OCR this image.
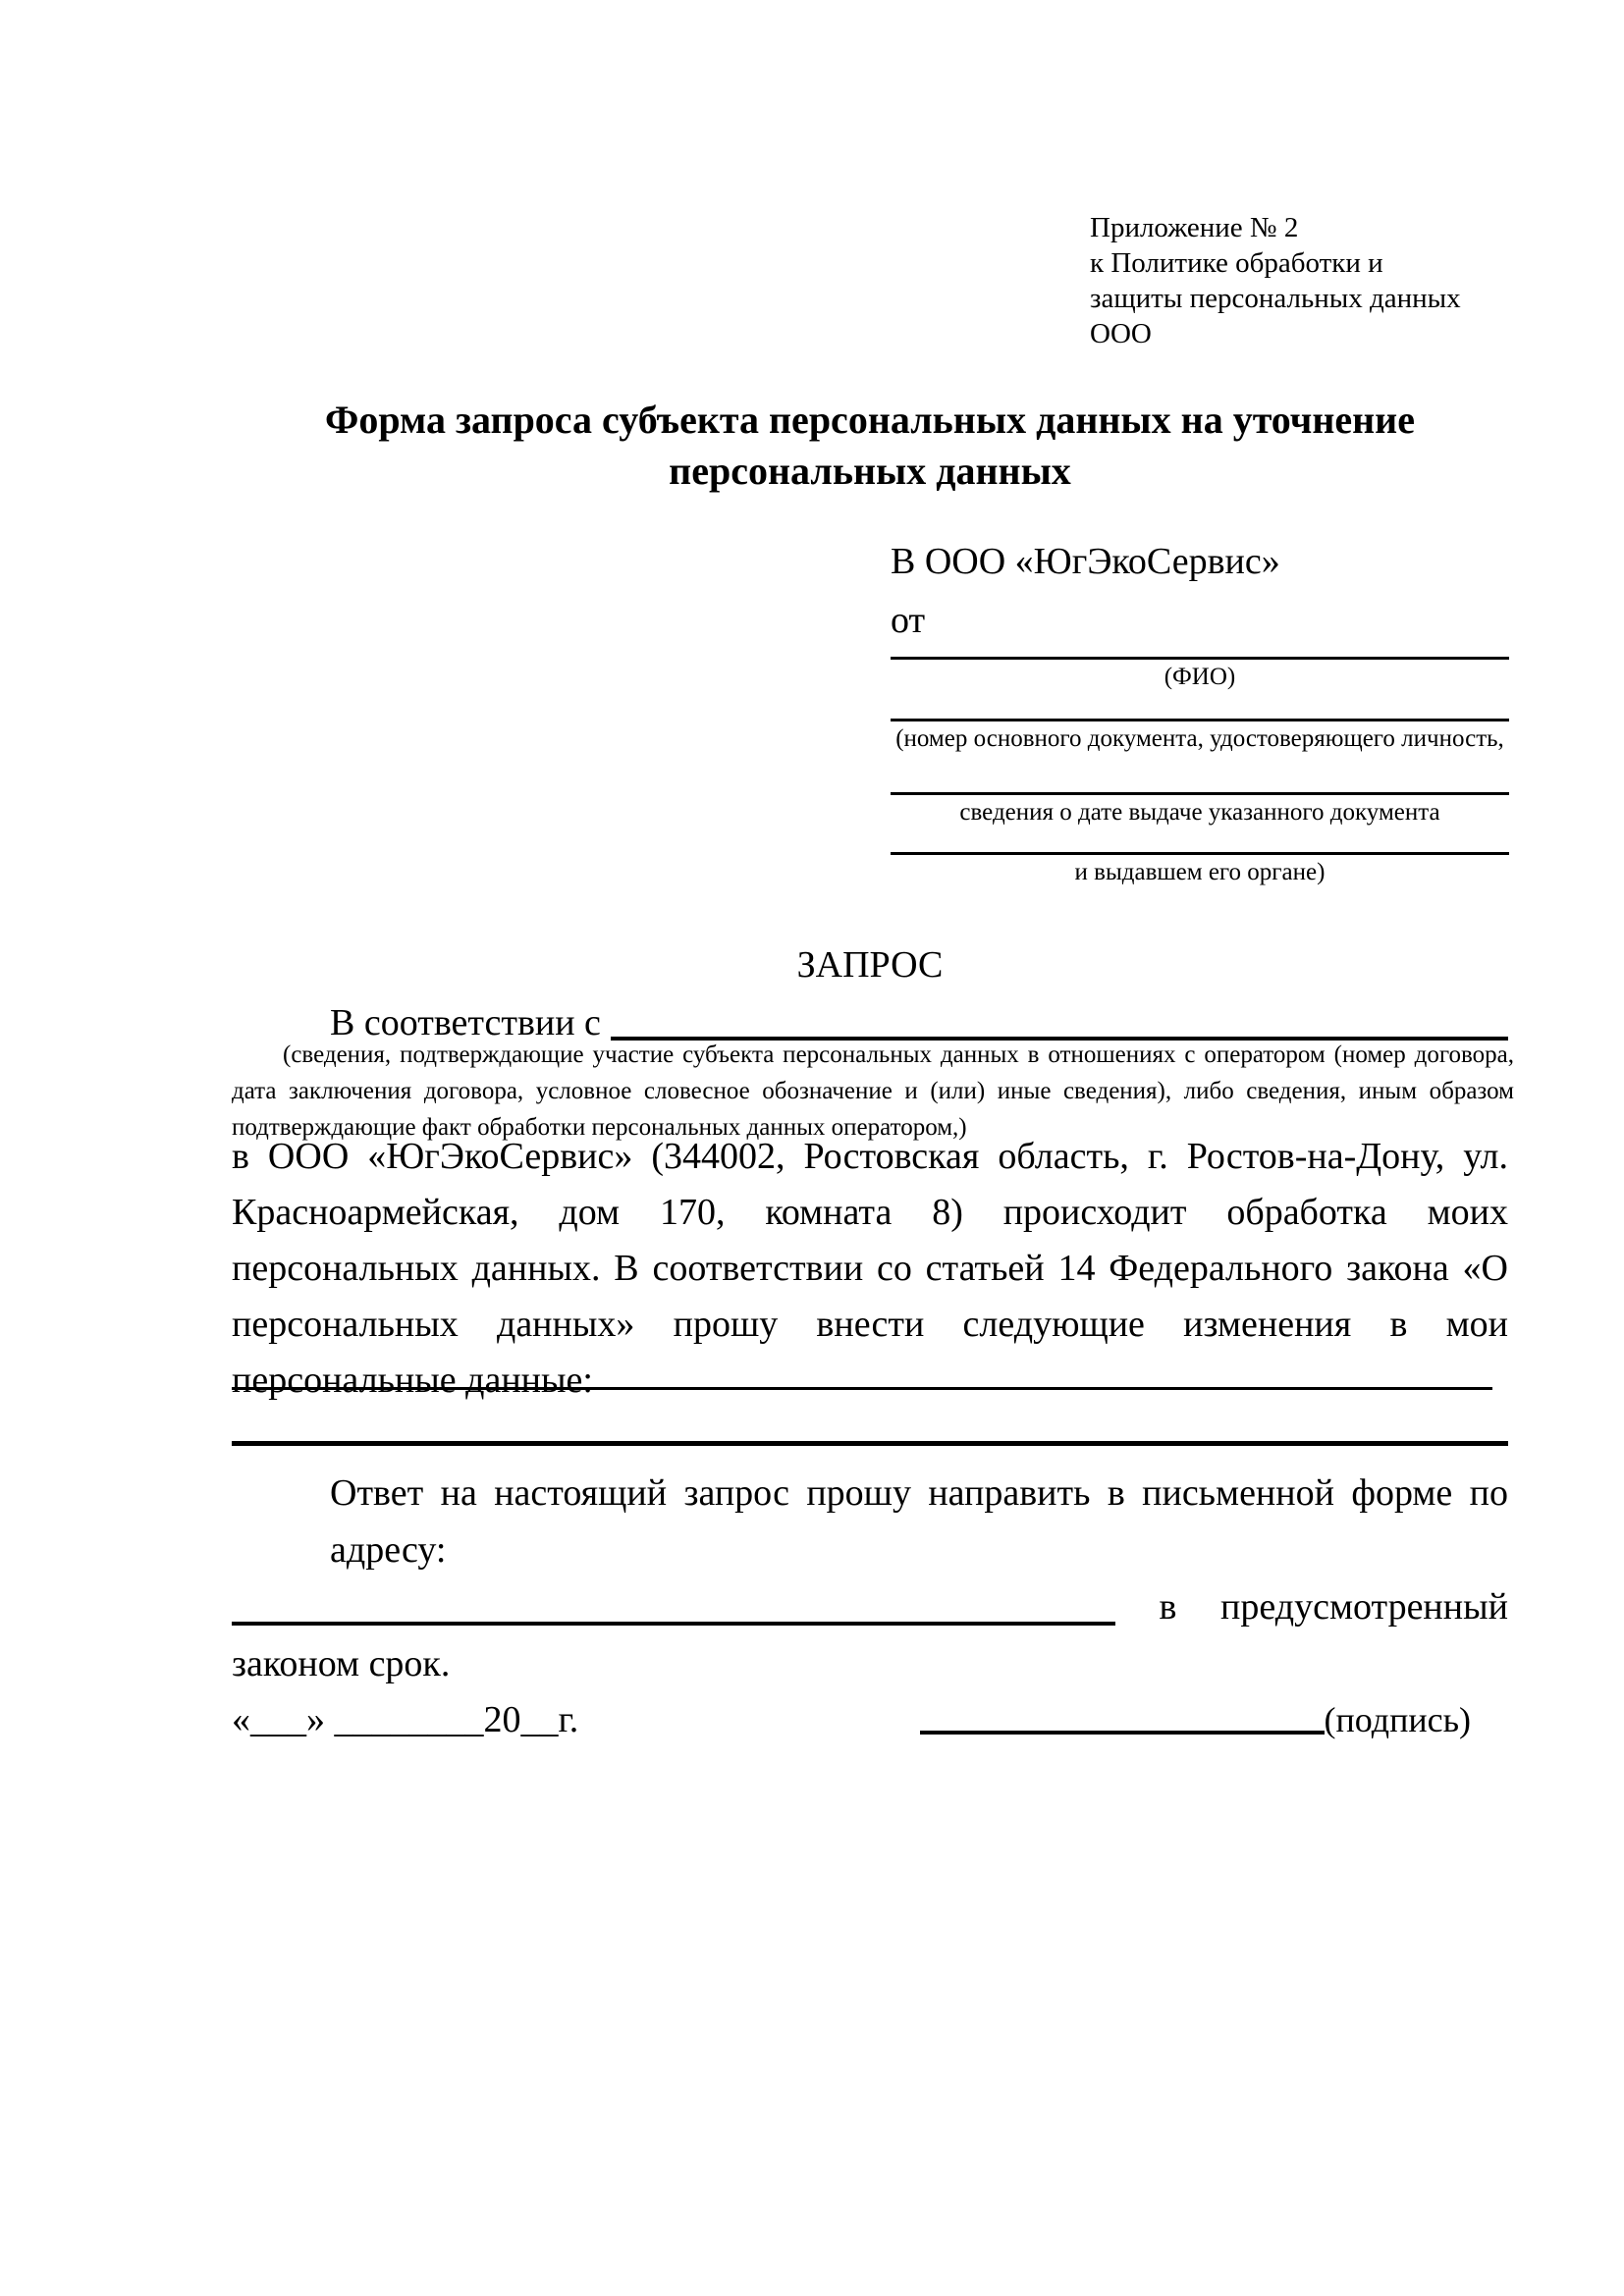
Приложение № 2
к Политике обработки и
защиты персональных данных
ООО
Форма запроса субъекта персональных данных на уточнение
персональных данных
В ООО «ЮгЭкоСервис»
от
(ФИО)
(номер основного документа, удостоверяющего личность,
сведения о дате выдаче указанного документа
и выдавшем его органе)
ЗАПРОС
В соответствии с
(сведения, подтверждающие участие субъекта персональных данных в отношениях с оператором (номер договора, дата заключения договора, условное словесное обозначение и (или) иные сведения), либо сведения, иным образом подтверждающие факт обработки персональных данных оператором,)
в ООО «ЮгЭкоСервис» (344002, Ростовская область, г. Ростов-на-Дону, ул. Красноармейская, дом 170, комната 8) происходит обработка моих персональных данных. В соответствии со статьей 14 Федерального закона «О персональных данных» прошу внести следующие изменения в мои персональные данные:
Ответ на настоящий запрос прошу направить в письменной форме по адресу:
в предусмотренный
законом срок.
«___» ________20__г.	(подпись)
